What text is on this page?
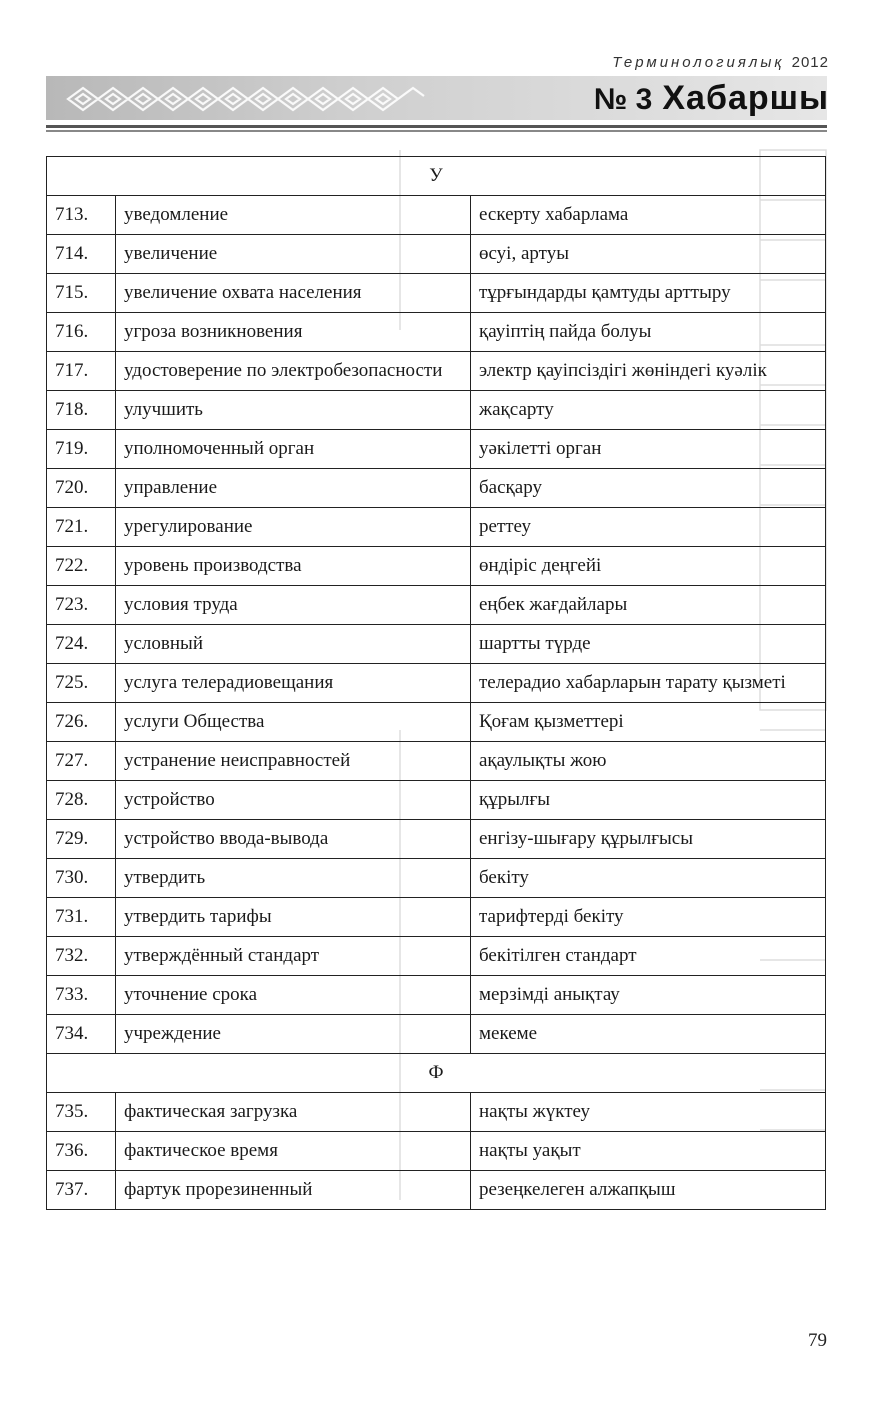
Терминологиялық 2012
№ 3 Хабаршы
У		
713.	уведомление	ескерту хабарлама
714.	увеличение	өсуі, артуы
715.	увеличение охвата населения	тұрғындарды қамтуды арттыру
716.	угроза возникновения	қауіптің пайда болуы
717.	удостоверение по электробезопасности	электр қауіпсіздігі жөніндегі куәлік
718.	улучшить	жақсарту
719.	уполномоченный орган	уәкілетті орган
720.	управление	басқару
721.	урегулирование	реттеу
722.	уровень производства	өндіріс деңгейі
723.	условия труда	еңбек жағдайлары
724.	условный	шартты түрде
725.	услуга телерадиовещания	телерадио хабарларын тарату қызметі
726.	услуги Общества	Қоғам қызметтері
727.	устранение неисправностей	ақаулықты жою
728.	устройство	құрылғы
729.	устройство ввода-вывода	енгізу-шығару құрылғысы
730.	утвердить	бекіту
731.	утвердить тарифы	тарифтерді бекіту
732.	утверждённый стандарт	бекітілген стандарт
733.	уточнение срока	мерзімді анықтау
734.	учреждение	мекеме
Ф		
735.	фактическая загрузка	нақты жүктеу
736.	фактическое время	нақты уақыт
737.	фартук прорезиненный	резеңкелеген алжапқыш
79
